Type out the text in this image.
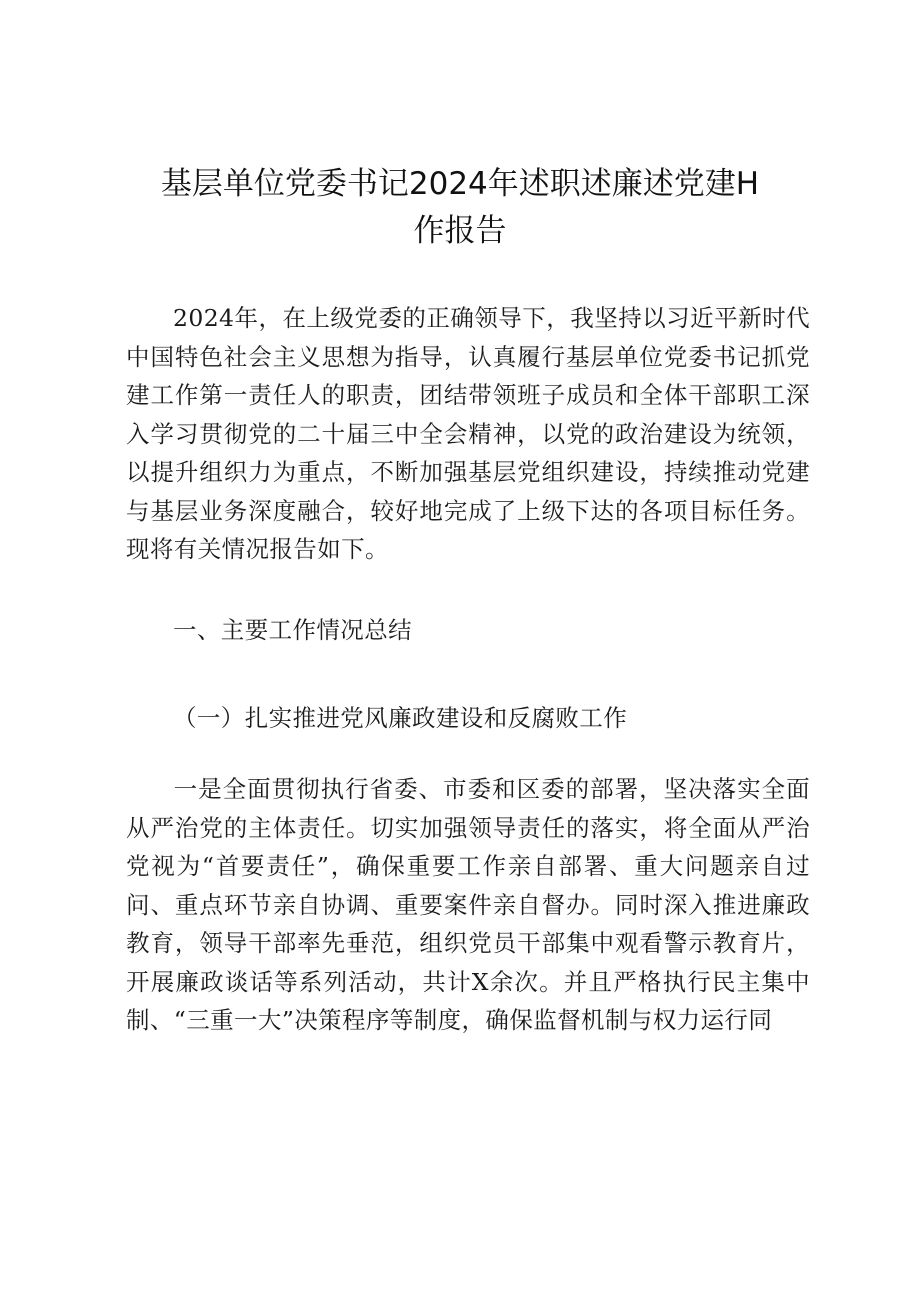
基层单位党委书记2024年述职述廉述党建H
作报告

2024年，在上级党委的正确领导下，我坚持以习近平新时代中国特色社会主义思想为指导，认真履行基层单位党委书记抓党建工作第一责任人的职责，团结带领班子成员和全体干部职工深入学习贯彻党的二十届三中全会精神，以党的政治建设为统领，以提升组织力为重点，不断加强基层党组织建设，持续推动党建与基层业务深度融合，较好地完成了上级下达的各项目标任务。现将有关情况报告如下。

一、主要工作情况总结

（一）扎实推进党风廉政建设和反腐败工作

一是全面贯彻执行省委、市委和区委的部署，坚决落实全面从严治党的主体责任。切实加强领导责任的落实，将全面从严治党视为“首要责任”，确保重要工作亲自部署、重大问题亲自过问、重点环节亲自协调、重要案件亲自督办。同时深入推进廉政教育，领导干部率先垂范，组织党员干部集中观看警示教育片，开展廉政谈话等系列活动，共计X余次。并且严格执行民主集中制、“三重一大”决策程序等制度，确保监督机制与权力运行同
